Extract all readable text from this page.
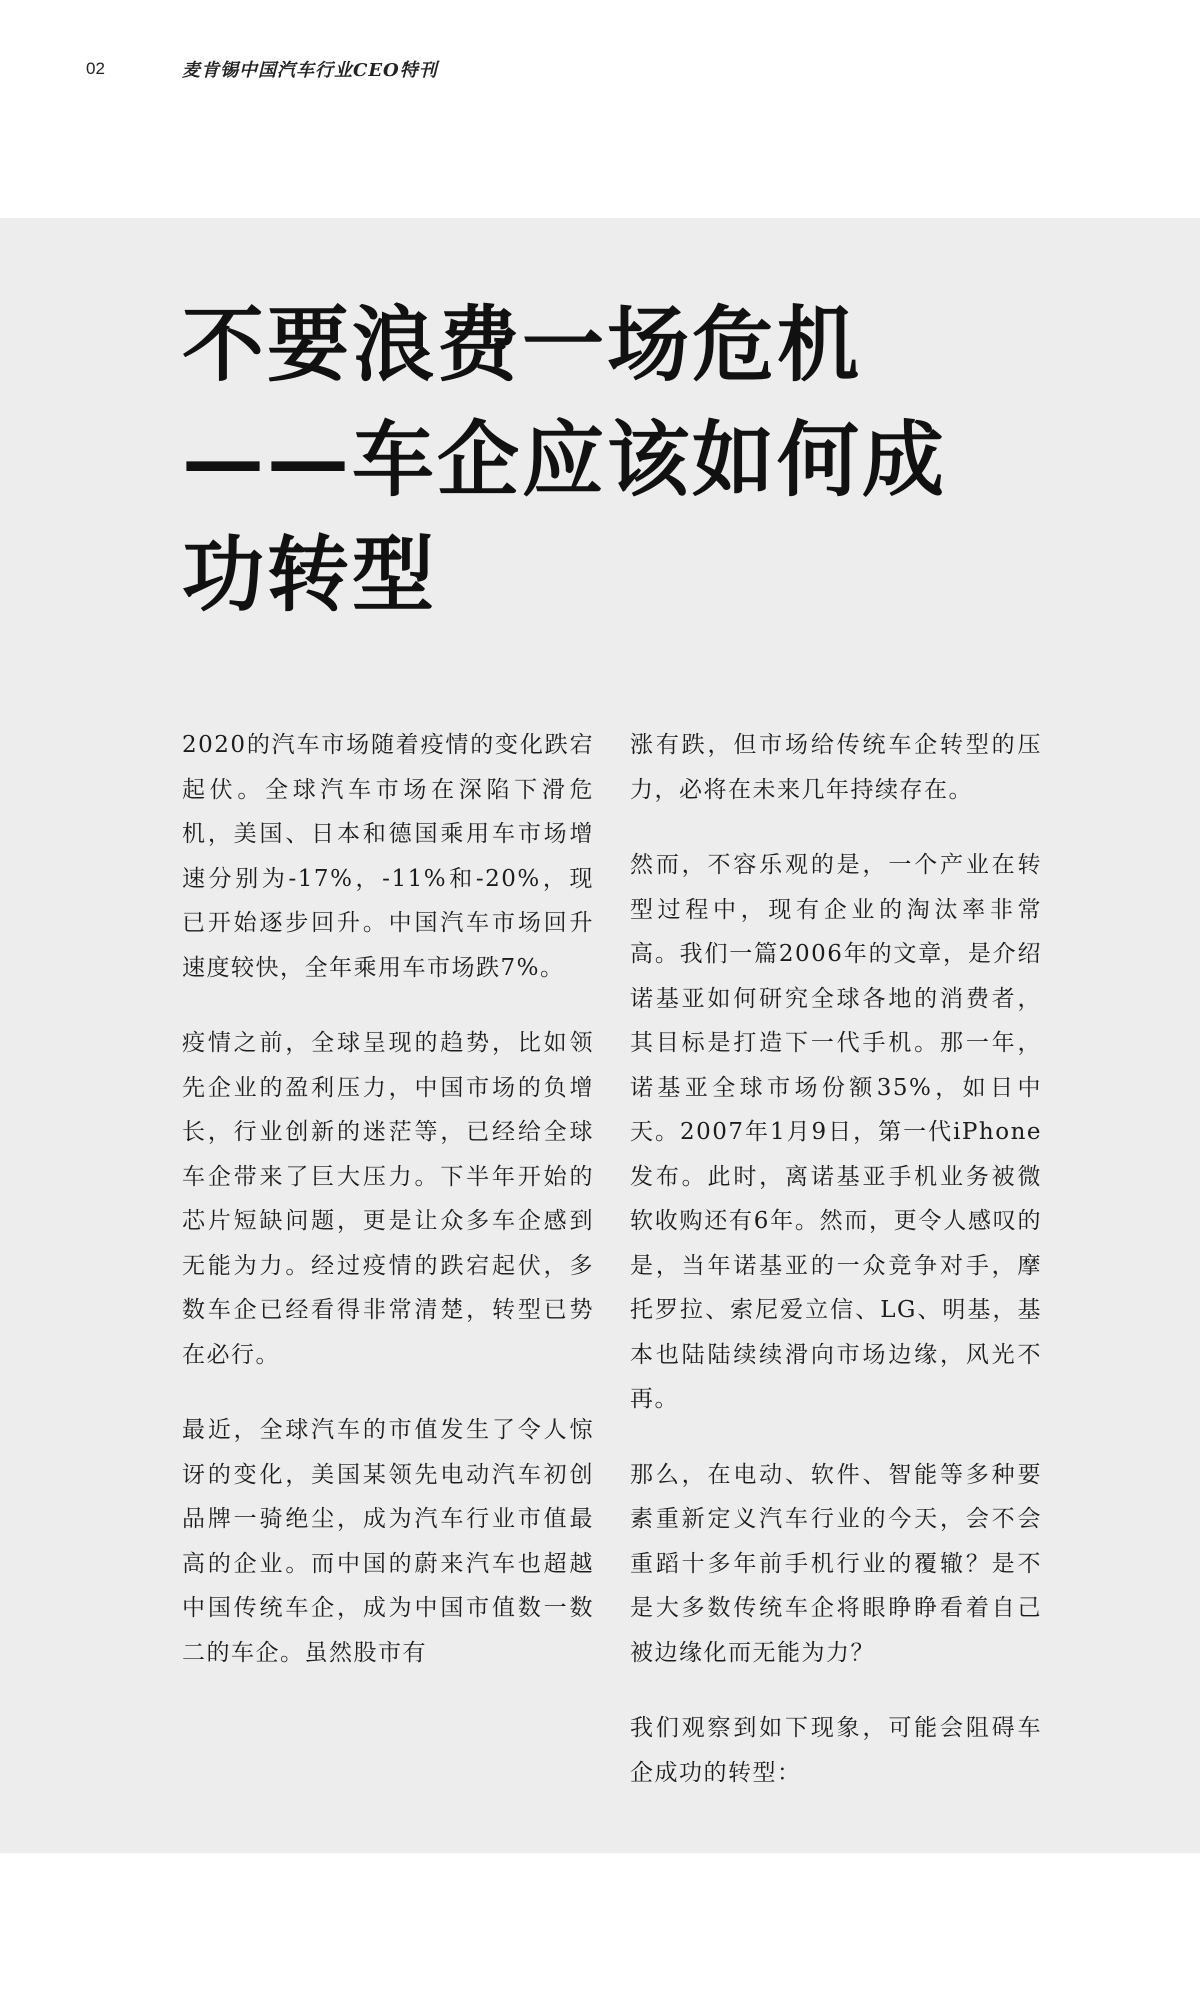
02	麦肯锡中国汽车行业CEO特刊
不要浪费一场危机
——车企应该如何成
功转型

2020的汽车市场随着疫情的变化跌宕起伏。全球汽车市场在深陷下滑危机，美国、日本和德国乘用车市场增速分别为-17%，-11%和-20%，现已开始逐步回升。中国汽车市场回升速度较快，全年乘用车市场跌7%。

疫情之前，全球呈现的趋势，比如领先企业的盈利压力，中国市场的负增长，行业创新的迷茫等，已经给全球车企带来了巨大压力。下半年开始的芯片短缺问题，更是让众多车企感到无能为力。经过疫情的跌宕起伏，多数车企已经看得非常清楚，转型已势在必行。

最近，全球汽车的市值发生了令人惊讶的变化，美国某领先电动汽车初创品牌一骑绝尘，成为汽车行业市值最高的企业。而中国的蔚来汽车也超越中国传统车企，成为中国市值数一数二的车企。虽然股市有

涨有跌，但市场给传统车企转型的压力，必将在未来几年持续存在。

然而，不容乐观的是，一个产业在转型过程中，现有企业的淘汰率非常高。我们一篇2006年的文章，是介绍诺基亚如何研究全球各地的消费者，其目标是打造下一代手机。那一年，诺基亚全球市场份额35%，如日中天。2007年1月9日，第一代iPhone发布。此时，离诺基亚手机业务被微软收购还有6年。然而，更令人感叹的是，当年诺基亚的一众竞争对手，摩托罗拉、索尼爱立信、LG、明基，基本也陆陆续续滑向市场边缘，风光不再。

那么，在电动、软件、智能等多种要素重新定义汽车行业的今天，会不会重蹈十多年前手机行业的覆辙？是不是大多数传统车企将眼睁睁看着自己被边缘化而无能为力？

我们观察到如下现象，可能会阻碍车企成功的转型：
